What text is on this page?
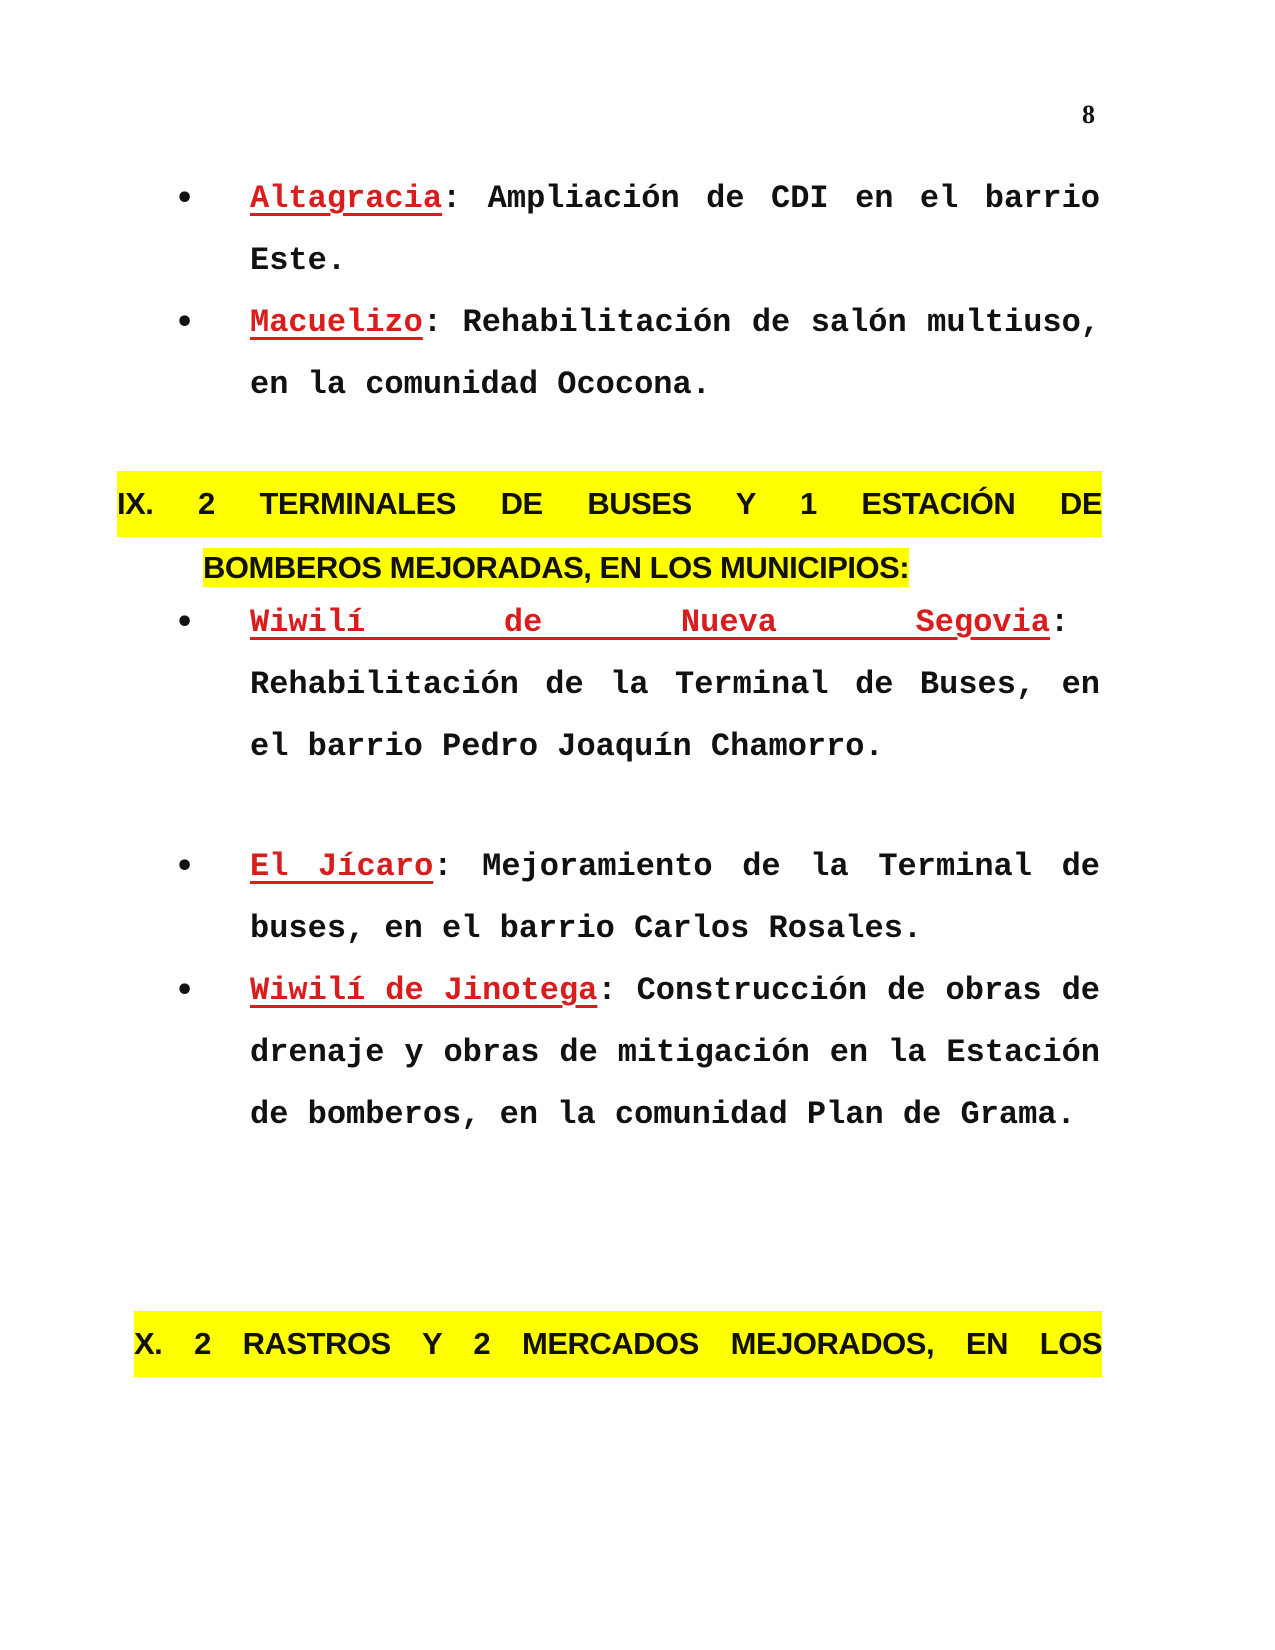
8
• Altagracia: Ampliación de CDI en el barrio Este.
• Macuelizo: Rehabilitación de salón multiuso, en la comunidad Ococona.
IX. 2 TERMINALES DE BUSES Y 1 ESTACIÓN DE
BOMBEROS MEJORADAS, EN LOS MUNICIPIOS:
• Wiwilí de Nueva Segovia: Rehabilitación de la Terminal de Buses, en el barrio Pedro Joaquín Chamorro.
• El Jícaro: Mejoramiento de la Terminal de buses, en el barrio Carlos Rosales.
• Wiwilí de Jinotega: Construcción de obras de drenaje y obras de mitigación en la Estación de bomberos, en la comunidad Plan de Grama.
X. 2 RASTROS Y 2 MERCADOS MEJORADOS, EN LOS
